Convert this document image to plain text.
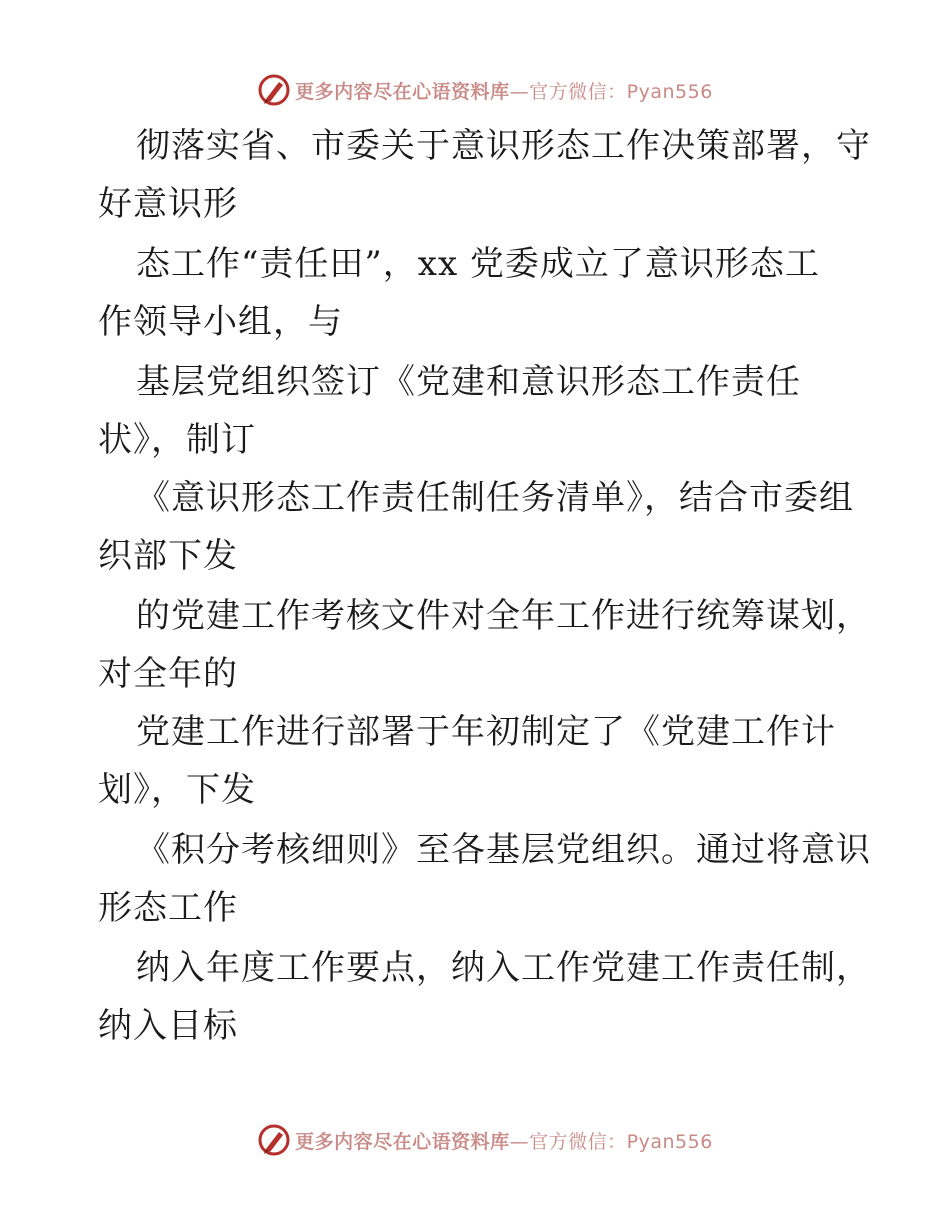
更多内容尽在心语资料库—官方微信：Pyan556
彻落实省、市委关于意识形态工作决策部署，守
好意识形
态工作“责任田”，xx 党委成立了意识形态工
作领导小组，与
基层党组织签订《党建和意识形态工作责任
状》，制订
《意识形态工作责任制任务清单》，结合市委组
织部下发
的党建工作考核文件对全年工作进行统筹谋划，
对全年的
党建工作进行部署于年初制定了《党建工作计
划》，下发
《积分考核细则》至各基层党组织。通过将意识
形态工作
纳入年度工作要点，纳入工作党建工作责任制，
纳入目标
更多内容尽在心语资料库—官方微信：Pyan556
